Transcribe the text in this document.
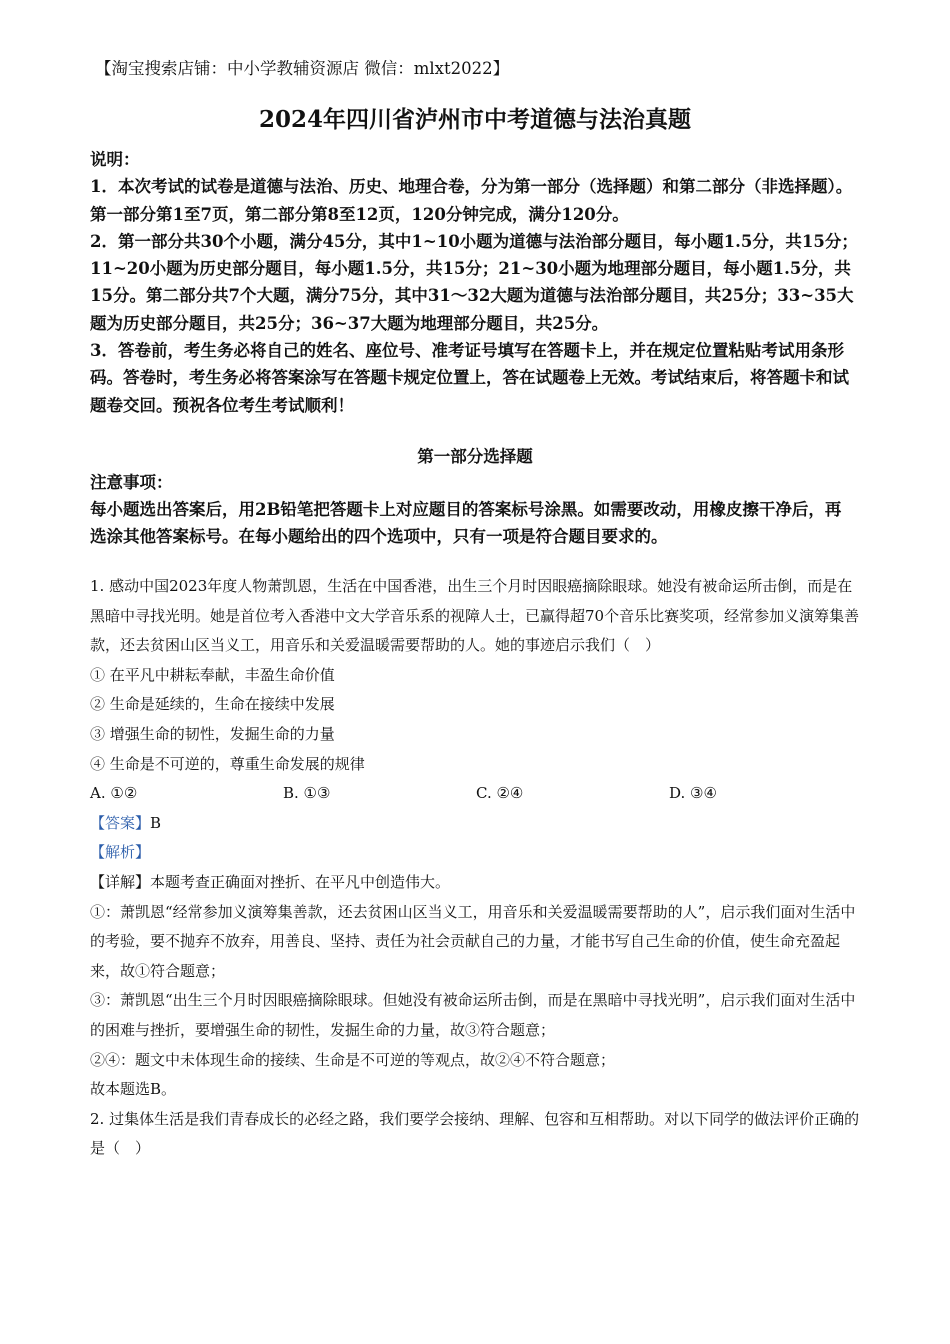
【淘宝搜索店铺：中小学教辅资源店 微信：mlxt2022】
2024年四川省泸州市中考道德与法治真题

说明：

1．本次考试的试卷是道德与法治、历史、地理合卷，分为第一部分（选择题）和第二部分（非选择题）。第一部分第1至7页，第二部分第8至12页，120分钟完成，满分120分。

2．第一部分共30个小题，满分45分，其中1~10小题为道德与法治部分题目，每小题1.5分，共15分；11~20小题为历史部分题目，每小题1.5分，共15分；21~30小题为地理部分题目，每小题1.5分，共15分。第二部分共7个大题，满分75分，其中31～32大题为道德与法治部分题目，共25分；33~35大题为历史部分题目，共25分；36~37大题为地理部分题目，共25分。

3．答卷前，考生务必将自己的姓名、座位号、准考证号填写在答题卡上，并在规定位置粘贴考试用条形码。答卷时，考生务必将答案涂写在答题卡规定位置上，答在试题卷上无效。考试结束后，将答题卡和试题卷交回。预祝各位考生考试顺利！

第一部分选择题

注意事项：

每小题选出答案后，用2B铅笔把答题卡上对应题目的答案标号涂黑。如需要改动，用橡皮擦干净后，再选涂其他答案标号。在每小题给出的四个选项中，只有一项是符合题目要求的。

1. 感动中国2023年度人物萧凯恩，生活在中国香港，出生三个月时因眼癌摘除眼球。她没有被命运所击倒，而是在黑暗中寻找光明。她是首位考入香港中文大学音乐系的视障人士，已赢得超70个音乐比赛奖项，经常参加义演筹集善款，还去贫困山区当义工，用音乐和关爱温暖需要帮助的人。她的事迹启示我们（　）

① 在平凡中耕耘奉献，丰盈生命价值

② 生命是延续的，生命在接续中发展

③ 增强生命的韧性，发掘生命的力量

④ 生命是不可逆的，尊重生命发展的规律

A. ①②	B. ①③	C. ②④	D. ③④

【答案】B

【解析】

【详解】本题考查正确面对挫折、在平凡中创造伟大。

①：萧凯恩“经常参加义演筹集善款，还去贫困山区当义工，用音乐和关爱温暖需要帮助的人”，启示我们面对生活中的考验，要不抛弃不放弃，用善良、坚持、责任为社会贡献自己的力量，才能书写自己生命的价值，使生命充盈起来，故①符合题意；

③：萧凯恩“出生三个月时因眼癌摘除眼球。但她没有被命运所击倒，而是在黑暗中寻找光明”，启示我们面对生活中的困难与挫折，要增强生命的韧性，发掘生命的力量，故③符合题意；

②④：题文中未体现生命的接续、生命是不可逆的等观点，故②④不符合题意；

故本题选B。

2. 过集体生活是我们青春成长的必经之路，我们要学会接纳、理解、包容和互相帮助。对以下同学的做法评价正确的是（　）
